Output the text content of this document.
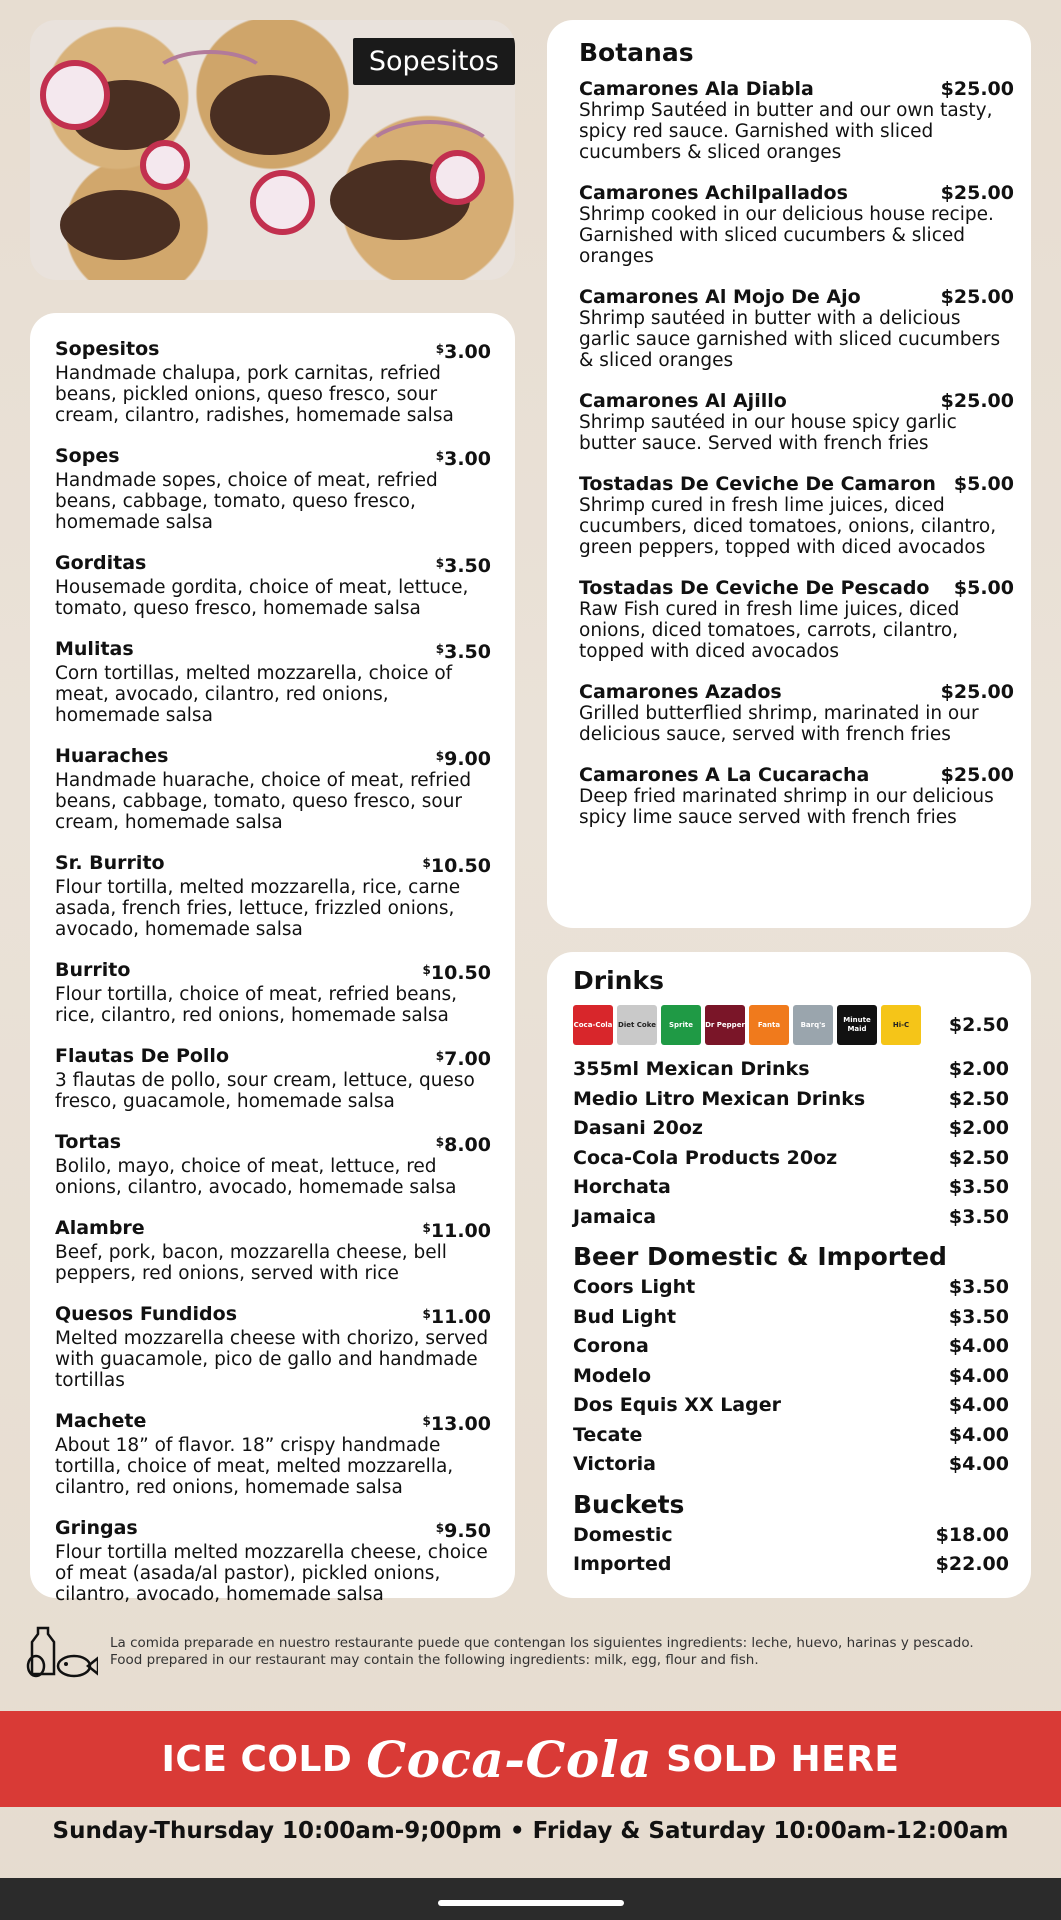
Sopesitos
Sopesitos	$3.00
Handmade chalupa, pork carnitas, refried beans, pickled onions, queso fresco, sour cream, cilantro, radishes, homemade salsa
Sopes	$3.00
Handmade sopes, choice of meat, refried beans, cabbage, tomato, queso fresco, homemade salsa
Gorditas	$3.50
Housemade gordita, choice of meat, lettuce, tomato, queso fresco, homemade salsa
Mulitas	$3.50
Corn tortillas, melted mozzarella, choice of meat, avocado, cilantro, red onions, homemade salsa
Huaraches	$9.00
Handmade huarache, choice of meat, refried beans, cabbage, tomato, queso fresco, sour cream, homemade salsa
Sr. Burrito	$10.50
Flour tortilla, melted mozzarella, rice, carne asada, french fries, lettuce, frizzled onions, avocado, homemade salsa
Burrito	$10.50
Flour tortilla, choice of meat, refried beans, rice, cilantro, red onions, homemade salsa
Flautas De Pollo	$7.00
3 flautas de pollo, sour cream, lettuce, queso fresco, guacamole, homemade salsa
Tortas	$8.00
Bolilo, mayo, choice of meat, lettuce, red onions, cilantro, avocado, homemade salsa
Alambre	$11.00
Beef, pork, bacon, mozzarella cheese, bell peppers, red onions, served with rice
Quesos Fundidos	$11.00
Melted mozzarella cheese with chorizo, served with guacamole, pico de gallo and handmade tortillas
Machete	$13.00
About 18” of flavor. 18” crispy handmade tortilla, choice of meat, melted mozzarella, cilantro, red onions, homemade salsa
Gringas	$9.50
Flour tortilla melted mozzarella cheese, choice of meat (asada/al pastor), pickled onions, cilantro, avocado, homemade salsa
Botanas
Camarones Ala Diabla	$25.00
Shrimp Sautéed in butter and our own tasty, spicy red sauce. Garnished with sliced cucumbers & sliced oranges
Camarones Achilpallados	$25.00
Shrimp cooked in our delicious house recipe. Garnished with sliced cucumbers & sliced oranges
Camarones Al Mojo De Ajo	$25.00
Shrimp sautéed in butter with a delicious garlic sauce garnished with sliced cucumbers & sliced oranges
Camarones Al Ajillo	$25.00
Shrimp sautéed in our house spicy garlic butter sauce. Served with french fries
Tostadas De Ceviche De Camaron $5.00
Shrimp cured in fresh lime juices, diced cucumbers, diced tomatoes, onions, cilantro, green peppers, topped with diced avocados
Tostadas De Ceviche De Pescado $5.00
Raw Fish cured in fresh lime juices, diced onions, diced tomatoes, carrots, cilantro, topped with diced avocados
Camarones Azados	$25.00
Grilled butterflied shrimp, marinated in our delicious sauce, served with french fries
Camarones A La Cucaracha	$25.00
Deep fried marinated shrimp in our delicious spicy lime sauce served with french fries
Drinks
Coca-Cola Diet Coke	Sprite	Dr Pepper	Fanta	Barq's
Minute Maid
Hi-C	$2.50
355ml Mexican Drinks	$2.00
Medio Litro Mexican Drinks	$2.50
Dasani 20oz	$2.00
Coca-Cola Products 20oz	$2.50
Horchata	$3.50
Jamaica	$3.50
Beer Domestic & Imported
Coors Light	$3.50
Bud Light	$3.50
Corona	$4.00
Modelo	$4.00
Dos Equis XX Lager	$4.00
Tecate	$4.00
Victoria	$4.00
Buckets
Domestic	$18.00
Imported	$22.00
La comida preparade en nuestro restaurante puede que contengan los siguientes ingredients: leche, huevo, harinas y pescado.
Food prepared in our restaurant may contain the following ingredients: milk, egg, flour and fish.
ICE COLD Coca-Cola SOLD HERE
Sunday-Thursday 10:00am-9;00pm • Friday & Saturday 10:00am-12:00am
